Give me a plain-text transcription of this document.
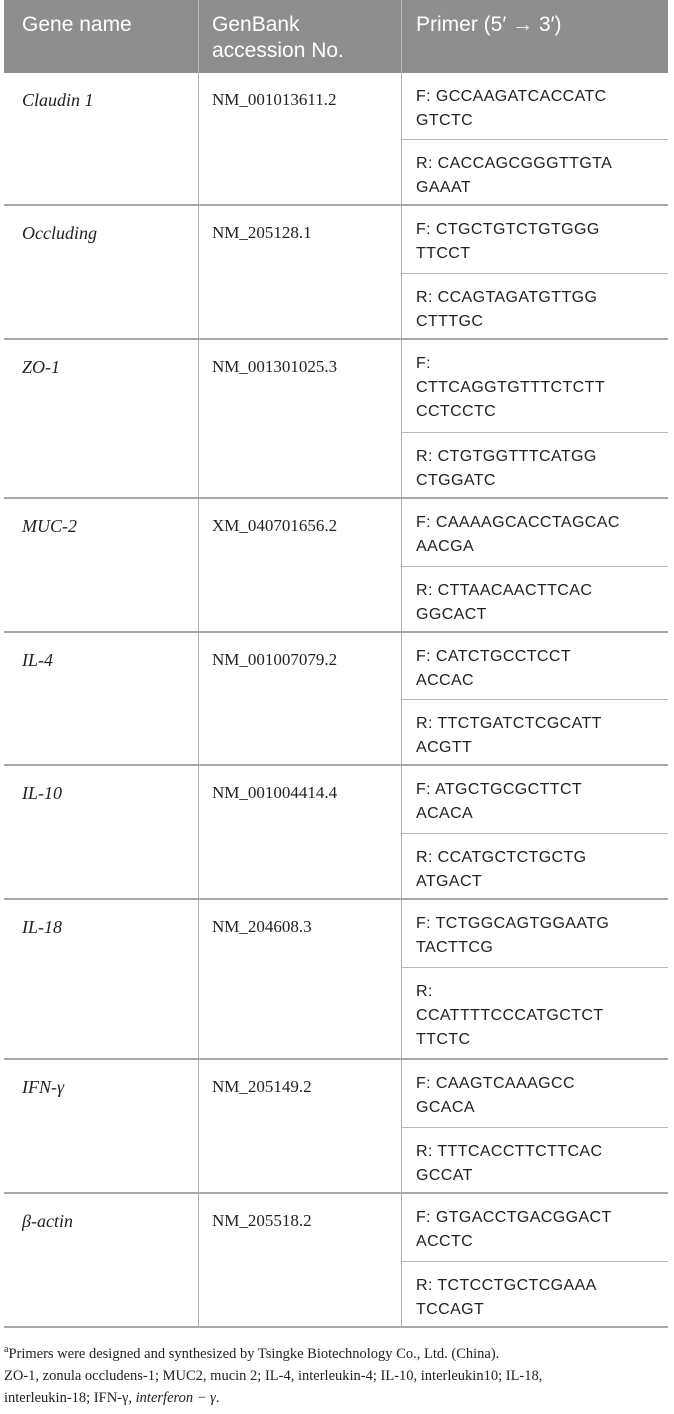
Gene name	GenBank
accession No.
Primer (5′ → 3′)
Claudin 1	NM_001013611.2	F: GCCAAGATCACCATC
GTCTC
R: CACCAGCGGGTTGTA
GAAAT
Occluding	NM_205128.1	F: CTGCTGTCTGTGGG
TTCCT
R: CCAGTAGATGTTGG
CTTTGC
ZO-1	NM_001301025.3	F:
CTTCAGGTGTTTCTCTT
CCTCCTC
R: CTGTGGTTTCATGG
CTGGATC
MUC-2	XM_040701656.2	F: CAAAAGCACCTAGCAC
AACGA
R: CTTAACAACTTCAC
GGCACT
IL-4	NM_001007079.2	F: CATCTGCCTCCT
ACCAC
R: TTCTGATCTCGCATT
ACGTT
IL-10	NM_001004414.4	F: ATGCTGCGCTTCT
ACACA
R: CCATGCTCTGCTG
ATGACT
IL-18	NM_204608.3	F: TCTGGCAGTGGAATG
TACTTCG
R:
CCATTTTCCCATGCTCT
TTCTC
IFN-γ	NM_205149.2	F: CAAGTCAAAGCC
GCACA
R: TTTCACCTTCTTCAC
GCCAT
β-actin	NM_205518.2	F: GTGACCTGACGGACT
ACCTC
R: TCTCCTGCTCGAAA
TCCAGT

$^a$Primers were designed and synthesized by Tsingke Biotechnology Co., Ltd. (China).

ZO-1, zonula occludens-1; MUC2, mucin 2; IL-4, interleukin-4; IL-10, interleukin10; IL-18,

interleukin-18; IFN-γ, interferon − γ.
